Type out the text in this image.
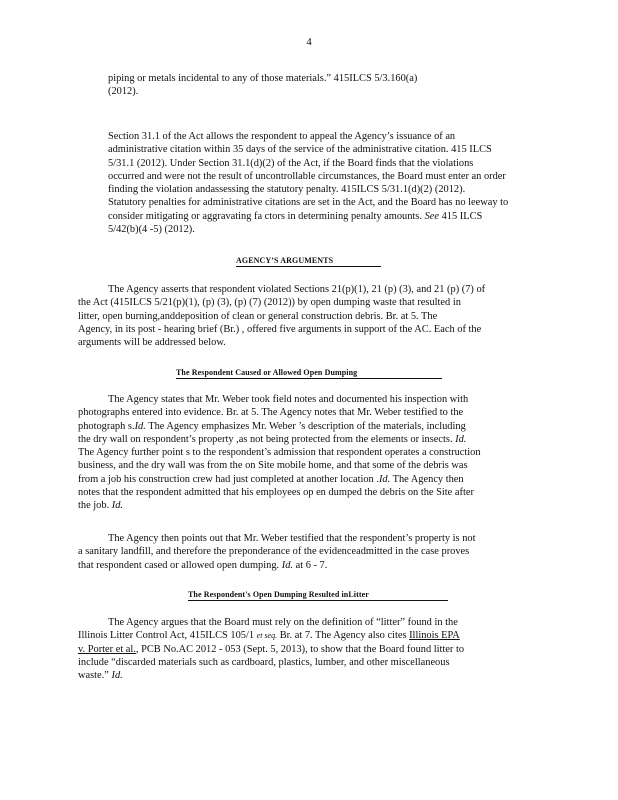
4

piping or metals incidental to any of those materials.” 415ILCS 5/3.160(a)

(2012).

Section 31.1 of the Act allows the respondent to appeal the Agency’s issuance of an

administrative citation within 35 days of the service of the administrative citation. 415 ILCS

5/31.1 (2012). Under Section 31.1(d)(2) of the Act, if the Board finds that the violations

occurred and were not the result of uncontrollable circumstances, the Board must enter an order

finding the violation andassessing the statutory penalty. 415ILCS 5/31.1(d)(2) (2012).

Statutory penalties for administrative citations are set in the Act, and the Board has no leeway to

consider mitigating or aggravating fa ctors in determining penalty amounts. See 415 ILCS

5/42(b)(4 -5) (2012).

AGENCY’S ARGUMENTS

The Agency asserts that respondent violated Sections 21(p)(1), 21 (p) (3), and 21 (p) (7) of

the Act (415ILCS 5/21(p)(1), (p) (3), (p) (7) (2012)) by open dumping waste that resulted in

litter, open burning,anddeposition of clean or general construction debris. Br. at 5. The

Agency, in its post - hearing brief (Br.) , offered five arguments in support of the AC. Each of the

arguments will be addressed below.

The Respondent Caused or Allowed Open Dumping

The Agency states that Mr. Weber took field notes and documented his inspection with

photographs entered into evidence. Br. at 5. The Agency notes that Mr. Weber testified to the

photograph s.Id. The Agency emphasizes Mr. Weber ’s description of the materials, including

the dry wall on respondent’s property ,as not being protected from the elements or insects. Id.

The Agency further point s to the respondent’s admission that respondent operates a construction

business, and the dry wall was from the on Site mobile home, and that some of the debris was

from a job his construction crew had just completed at another location .Id. The Agency then

notes that the respondent admitted that his employees op en dumped the debris on the Site after

the job. Id.

The Agency then points out that Mr. Weber testified that the respondent’s property is not

a sanitary landfill, and therefore the preponderance of the evidenceadmitted in the case proves

that respondent cased or allowed open dumping. Id. at 6 - 7.

The Respondent's Open Dumping Resulted inLitter

The Agency argues that the Board must rely on the definition of “litter” found in the

Illinois Litter Control Act, 415ILCS 105/1 et seq. Br. at 7. The Agency also cites Illinois EPA

v. Porter et al., PCB No.AC 2012 - 053 (Sept. 5, 2013), to show that the Board found litter to

include “discarded materials such as cardboard, plastics, lumber, and other miscellaneous

waste.” Id.
